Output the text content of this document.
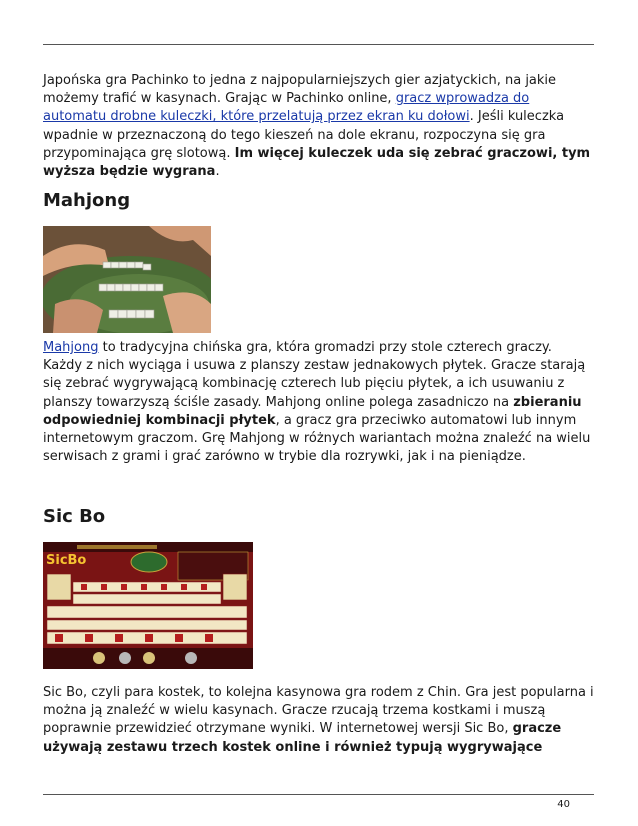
Japońska gra Pachinko to jedna z najpopularniejszych gier azjatyckich, na jakie możemy trafić w kasynach. Grając w Pachinko online, gracz wprowadza do automatu drobne kuleczki, które przelatują przez ekran ku dołowi. Jeśli kuleczka wpadnie w przeznaczoną do tego kieszeń na dole ekranu, rozpoczyna się gra przypominająca grę slotową. Im więcej kuleczek uda się zebrać graczowi, tym wyższa będzie wygrana.

Mahjong

Mahjong to tradycyjna chińska gra, która gromadzi przy stole czterech graczy. Każdy z nich wyciąga i usuwa z planszy zestaw jednakowych płytek. Gracze starają się zebrać wygrywającą kombinację czterech lub pięciu płytek, a ich usuwaniu z planszy towarzyszą ściśle zasady. Mahjong online polega zasadniczo na zbieraniu odpowiedniej kombinacji płytek, a gracz gra przeciwko automatowi lub innym internetowym graczom. Grę Mahjong w różnych wariantach można znaleźć na wielu serwisach z grami i grać zarówno w trybie dla rozrywki, jak i na pieniądze.

Sic Bo
SicBo

Sic Bo, czyli para kostek, to kolejna kasynowa gra rodem z Chin. Gra jest popularna i można ją znaleźć w wielu kasynach. Gracze rzucają trzema kostkami i muszą poprawnie przewidzieć otrzymane wyniki. W internetowej wersji Sic Bo, gracze używają zestawu trzech kostek online i również typują wygrywające

40
